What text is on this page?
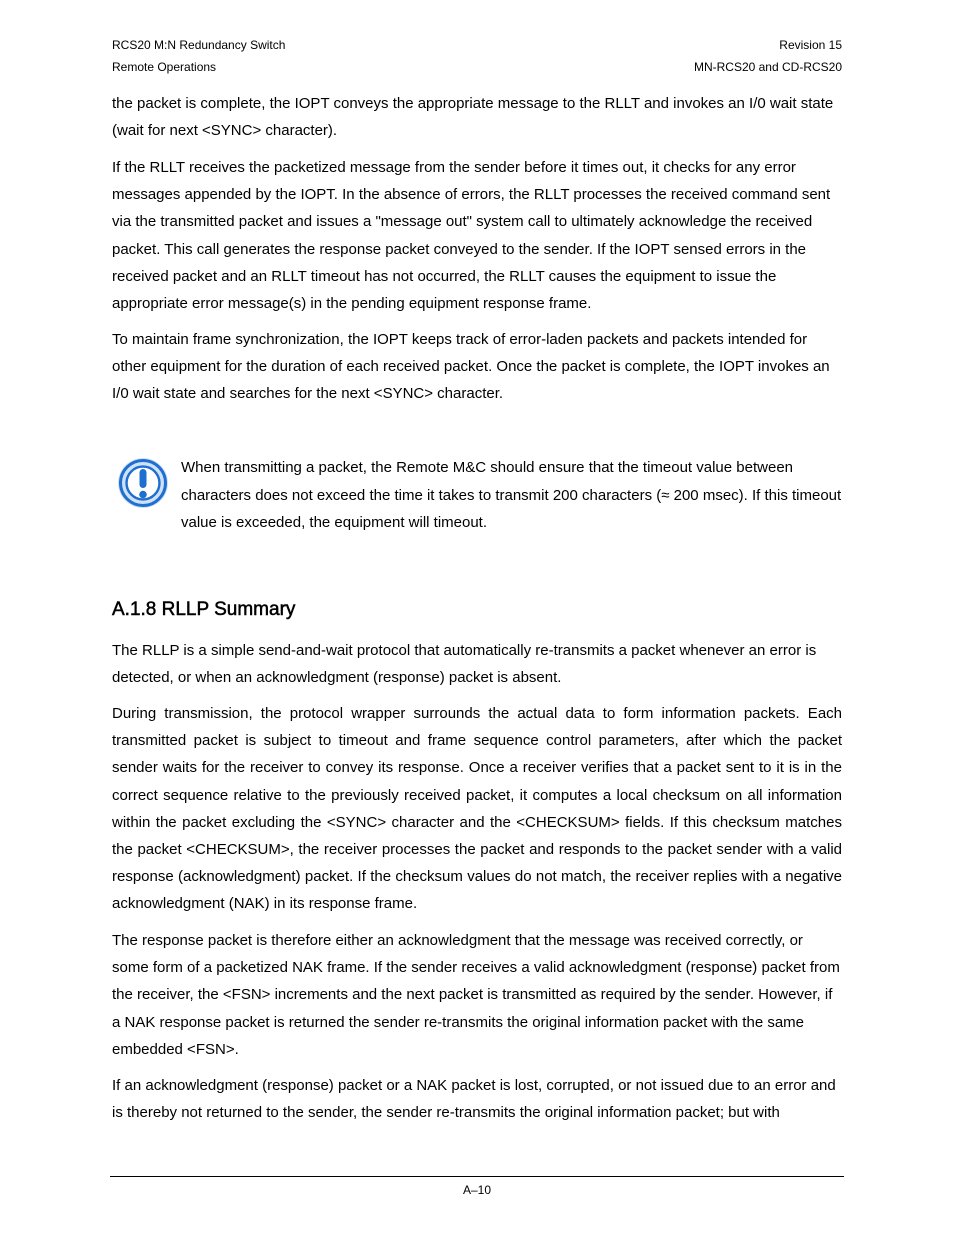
RCS20 M:N Redundancy Switch
Remote Operations
Revision 15
MN-RCS20 and CD-RCS20

the packet is complete, the IOPT conveys the appropriate message to the RLLT and invokes an I/0 wait state (wait for next <SYNC> character).

If the RLLT receives the packetized message from the sender before it times out, it checks for any error messages appended by the IOPT. In the absence of errors, the RLLT processes the received command sent via the transmitted packet and issues a "message out" system call to ultimately acknowledge the received packet. This call generates the response packet conveyed to the sender. If the IOPT sensed errors in the received packet and an RLLT timeout has not occurred, the RLLT causes the equipment to issue the appropriate error message(s) in the pending equipment response frame.

To maintain frame synchronization, the IOPT keeps track of error-laden packets and packets intended for other equipment for the duration of each received packet. Once the packet is complete, the IOPT invokes an I/0 wait state and searches for the next <SYNC> character.

When transmitting a packet, the Remote M&C should ensure that the timeout value between characters does not exceed the time it takes to transmit 200 characters (≈ 200 msec). If this timeout value is exceeded, the equipment will timeout.

A.1.8 RLLP Summary

The RLLP is a simple send-and-wait protocol that automatically re-transmits a packet whenever an error is detected, or when an acknowledgment (response) packet is absent.

During transmission, the protocol wrapper surrounds the actual data to form information packets. Each transmitted packet is subject to timeout and frame sequence control parameters, after which the packet sender waits for the receiver to convey its response. Once a receiver verifies that a packet sent to it is in the correct sequence relative to the previously received packet, it computes a local checksum on all information within the packet excluding the <SYNC> character and the <CHECKSUM> fields. If this checksum matches the packet <CHECKSUM>, the receiver processes the packet and responds to the packet sender with a valid response (acknowledgment) packet. If the checksum values do not match, the receiver replies with a negative acknowledgment (NAK) in its response frame.

The response packet is therefore either an acknowledgment that the message was received correctly, or some form of a packetized NAK frame. If the sender receives a valid acknowledgment (response) packet from the receiver, the <FSN> increments and the next packet is transmitted as required by the sender. However, if a NAK response packet is returned the sender re-transmits the original information packet with the same embedded <FSN>.

If an acknowledgment (response) packet or a NAK packet is lost, corrupted, or not issued due to an error and is thereby not returned to the sender, the sender re-transmits the original information packet; but with

A–10
